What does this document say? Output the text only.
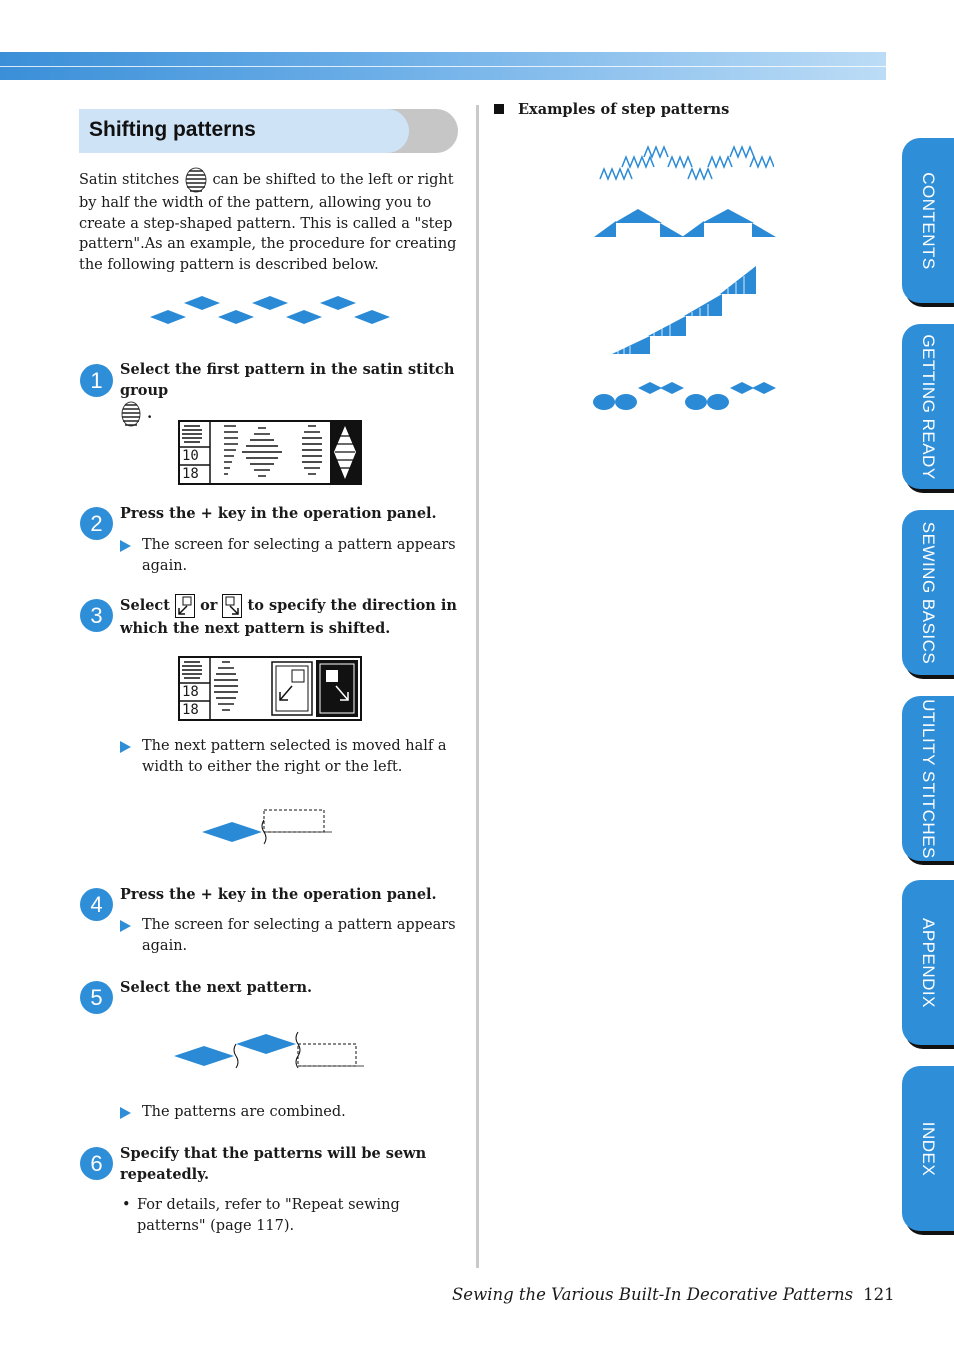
Shifting patterns
Satin stitches can be shifted to the left or right by half the width of the pattern, allowing you to create a step-shaped pattern. This is called a "step pattern".As an example, the procedure for creating the following pattern is described below.
1	Select the first pattern in the satin stitch group
.
10
18
2	Press the + key in the operation panel.
The screen for selecting a pattern appears again.
3	Select or to specify the direction in
which the next pattern is shifted.
18
18
The next pattern selected is moved half a width to either the right or the left.
4	Press the + key in the operation panel.
The screen for selecting a pattern appears again.
5	Select the next pattern.
The patterns are combined.
6	Specify that the patterns will be sewn repeatedly.
• For details, refer to "Repeat sewing patterns" (page 117).
Examples of step patterns
CONTENTS
GETTING READY
SEWING BASICS
UTILITY STITCHES
APPENDIX
INDEX
Sewing the Various Built-In Decorative Patterns 121
